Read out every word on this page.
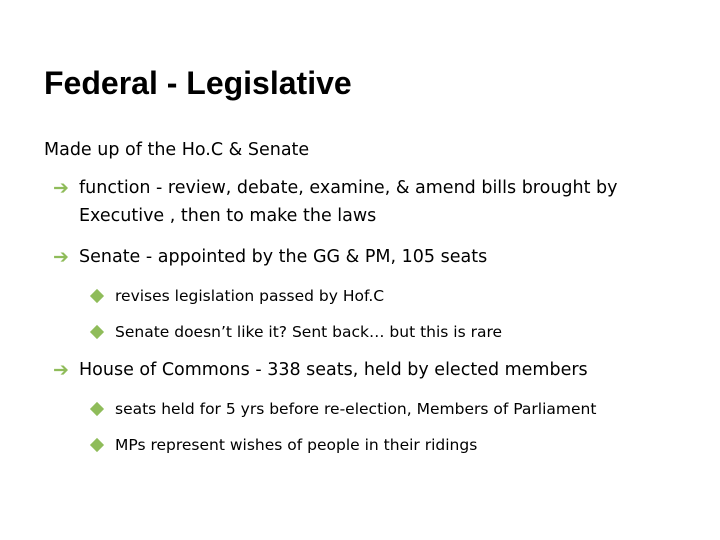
Federal - Legislative
Made up of the Ho.C & Senate
➔ function - review, debate, examine, & amend bills brought by Executive , then to make the laws
➔ Senate - appointed by the GG & PM, 105 seats
revises legislation passed by Hof.C
Senate doesn’t like it? Sent back… but this is rare
➔ House of Commons - 338 seats, held by elected members
seats held for 5 yrs before re-election, Members of Parliament
MPs represent wishes of people in their ridings
